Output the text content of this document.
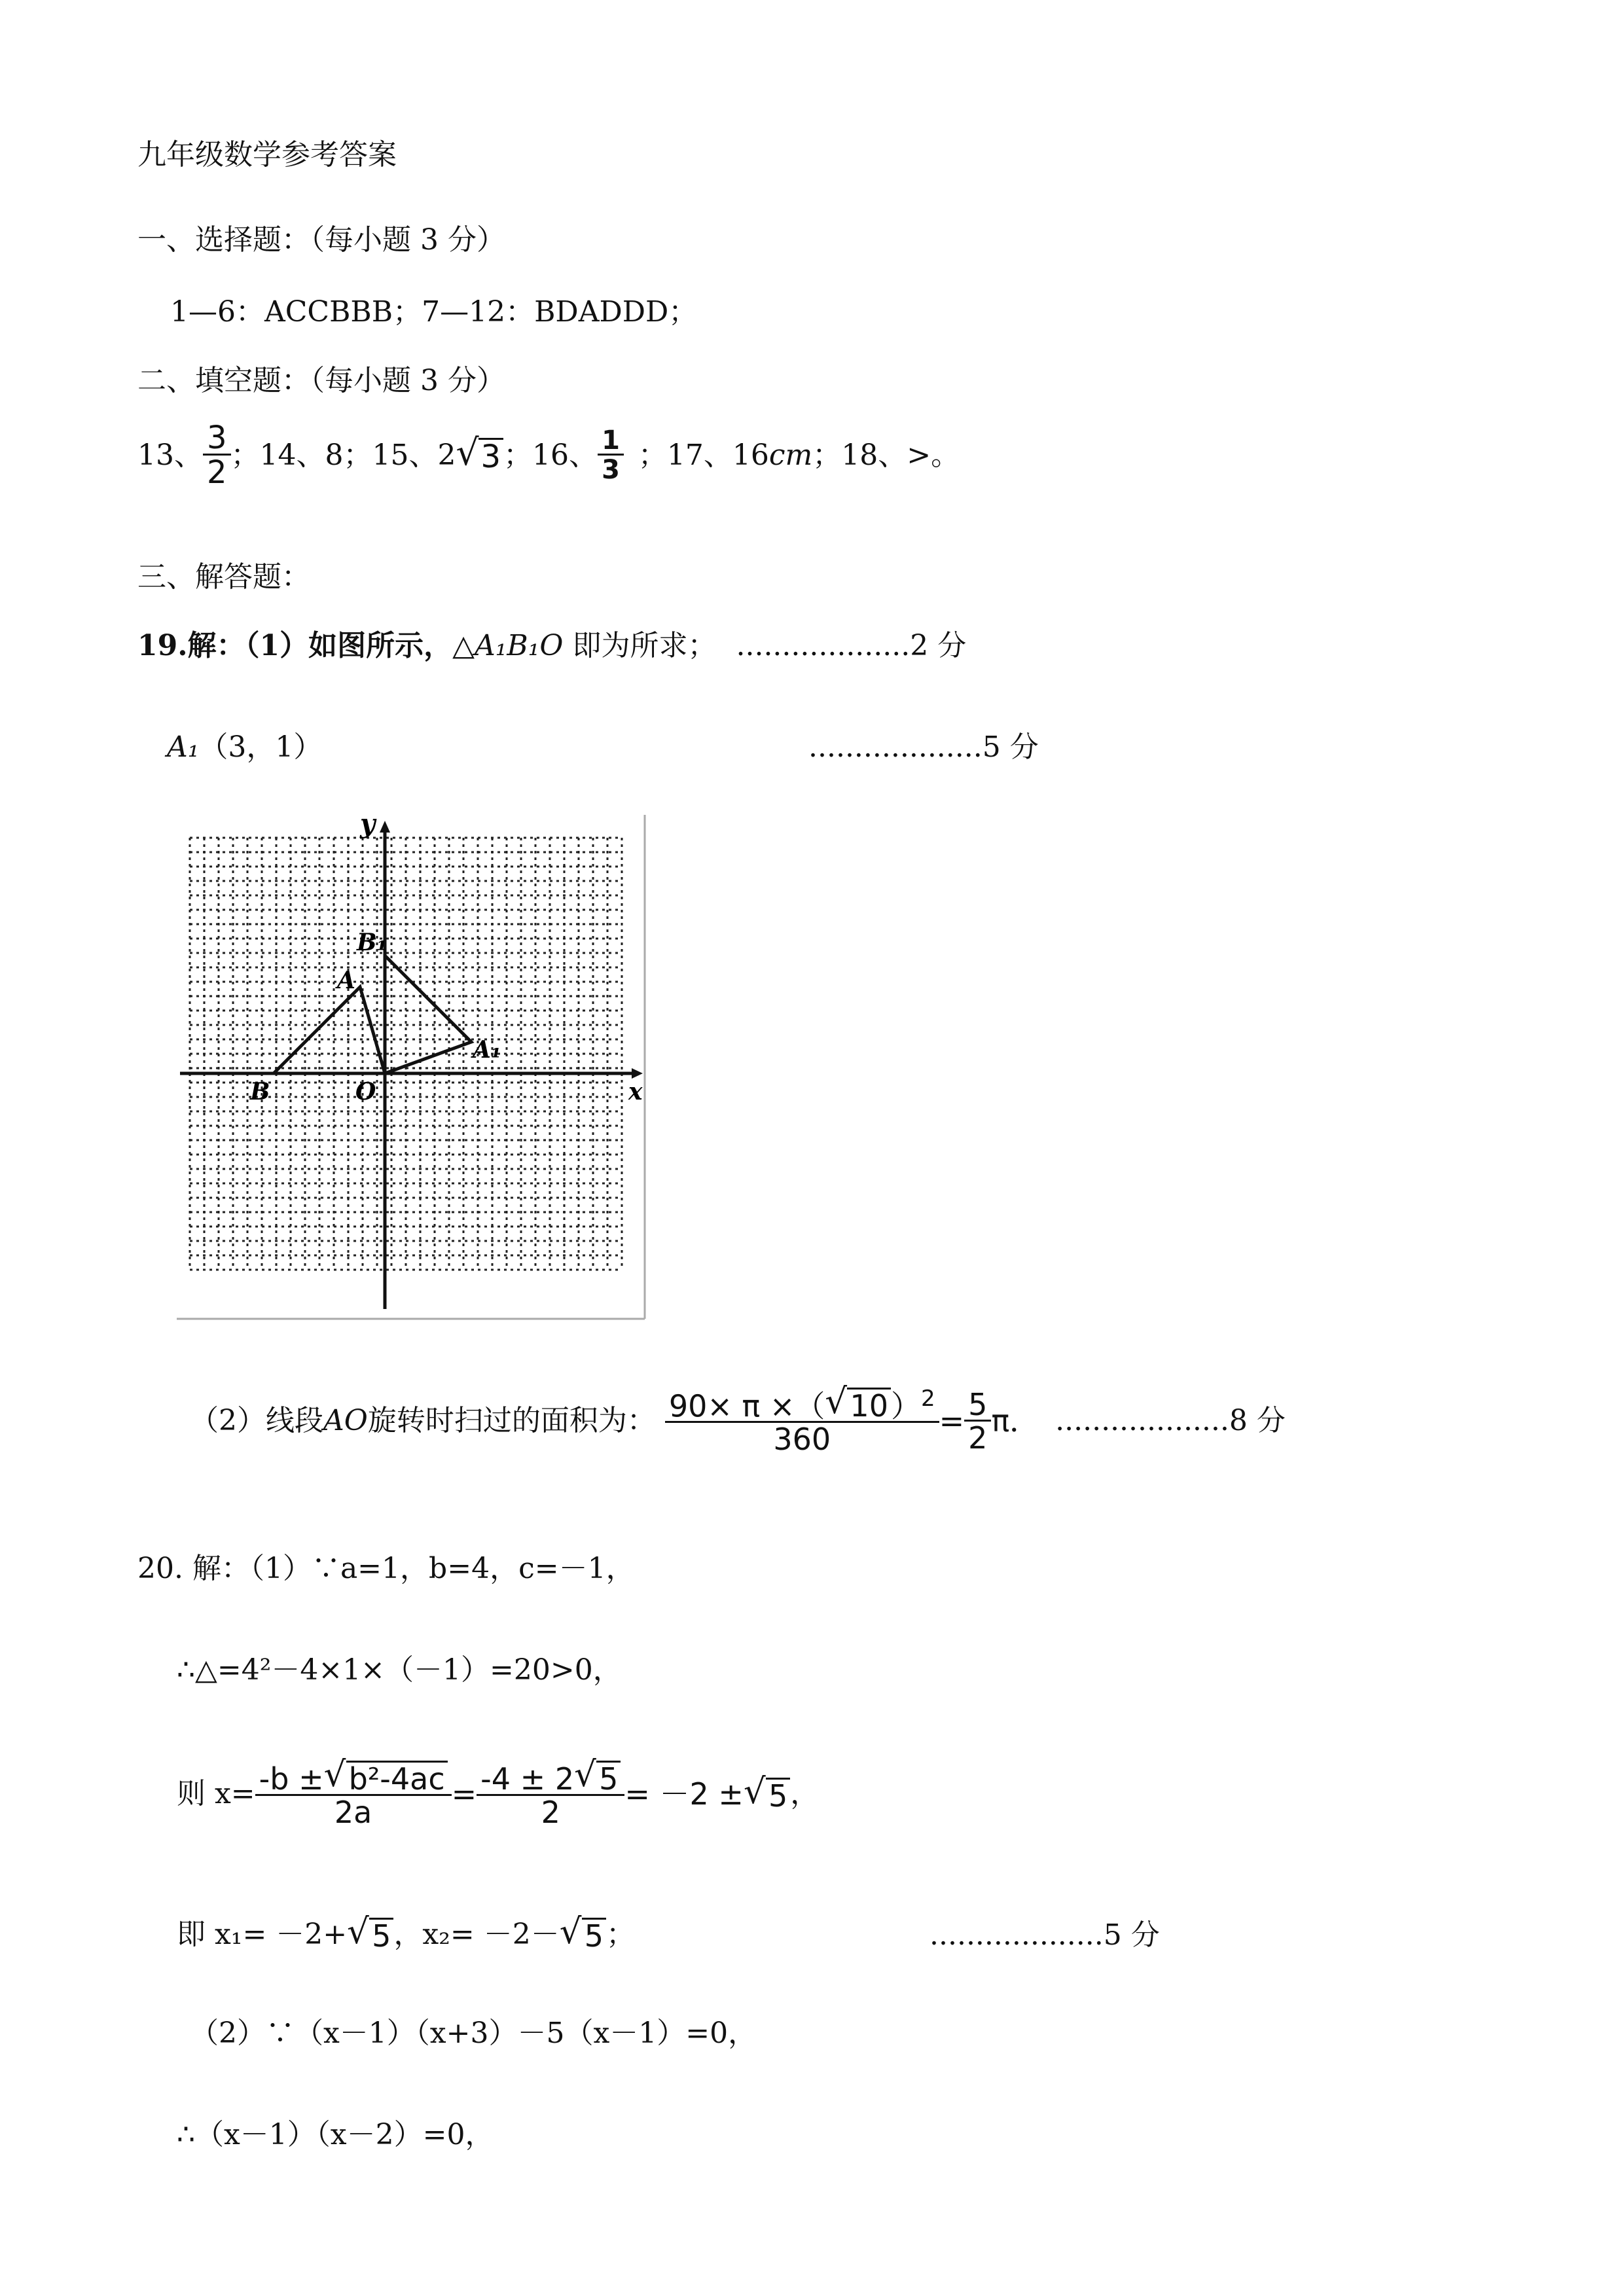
九年级数学参考答案
一、选择题：（每小题 3 分）
1—6：ACCBBB；7—12：BDADDD；
二、填空题：（每小题 3 分）
13、 $\frac{3}{2}$ ；14、8；15、2 √ 3 ；16、 $\frac{1}{3}$ ；17、16 cm ；18、>。
三、解答题：
19.解：（1）如图所示，△A₁B₁O 即为所求； ...................2 分
A₁（3，1）	...................5 分
y
x
O
A
B
A₁
B₁
（2）线段 AO 旋转时扫过的面积为： $\frac{90\times \pi \times( √ 10)^2}{360} = \frac{5}{2}$ π． ...................8 分
20. 解：（1）∵a=1，b=4，c=－1，
∴△=4²－4×1×（－1）=20>0，
则 $x= \frac{\text{-b ± √ b²-4ac}}{2a} = \frac{-4 \pm 2 √ 5}{2} = -2$ ± √ 5 ，
即 x₁= －2+ √ 5 ，x₂= －2－ √ 5 ；	...................5 分
（2）∵（x－1）（x+3）－5（x－1）=0，
∴（x－1）（x－2）=0，
